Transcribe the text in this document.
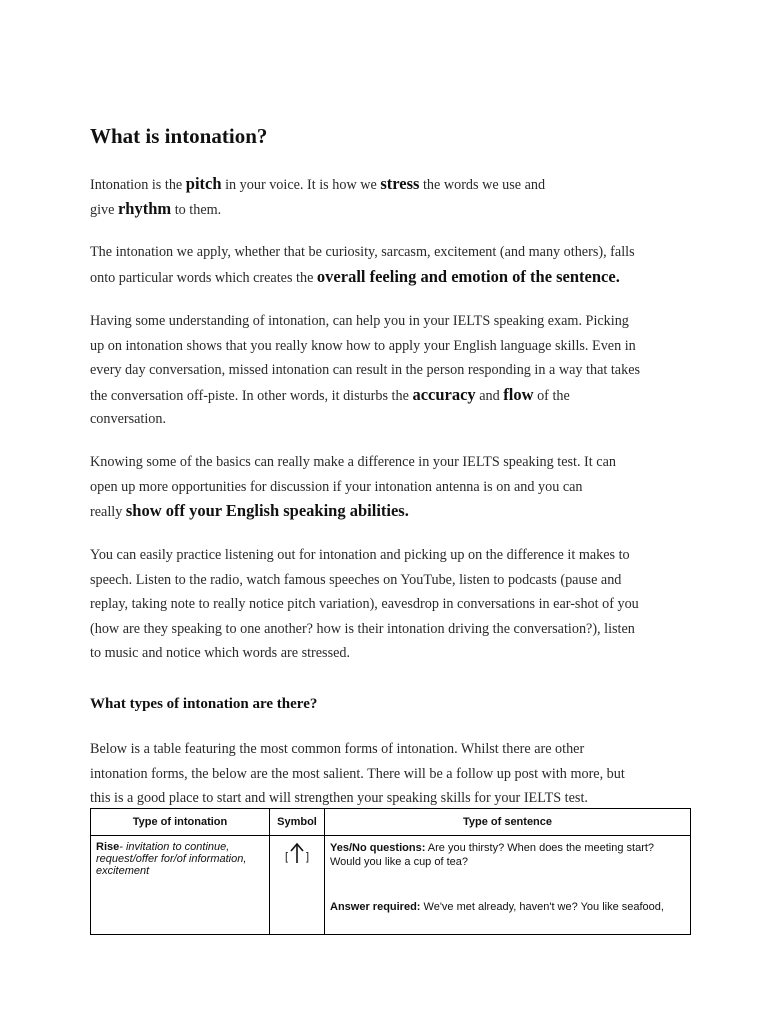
What is intonation?

Intonation is the pitch in your voice. It is how we stress the words we use and
give rhythm to them.

The intonation we apply, whether that be curiosity, sarcasm, excitement (and many others), falls
onto particular words which creates the overall feeling and emotion of the sentence.

Having some understanding of intonation, can help you in your IELTS speaking exam. Picking
up on intonation shows that you really know how to apply your English language skills. Even in
every day conversation, missed intonation can result in the person responding in a way that takes
the conversation off-piste. In other words, it disturbs the accuracy and flow of the
conversation.

Knowing some of the basics can really make a difference in your IELTS speaking test. It can
open up more opportunities for discussion if your intonation antenna is on and you can
really show off your English speaking abilities.

You can easily practice listening out for intonation and picking up on the difference it makes to
speech. Listen to the radio, watch famous speeches on YouTube, listen to podcasts (pause and
replay, taking note to really notice pitch variation), eavesdrop in conversations in ear-shot of you
(how are they speaking to one another? how is their intonation driving the conversation?), listen
to music and notice which words are stressed.

What types of intonation are there?

Below is a table featuring the most common forms of intonation. Whilst there are other
intonation forms, the below are the most salient. There will be a follow up post with more, but
this is a good place to start and will strengthen your speaking skills for your IELTS test.

Type of intonation	Symbol	Type of sentence
Rise- invitation to continue, request/offer for/of information, excitement	[ ]	Yes/No questions: Are you thirsty? When does the meeting start?
Would you like a cup of tea?
Answer required: We've met already, haven't we? You like seafood,
